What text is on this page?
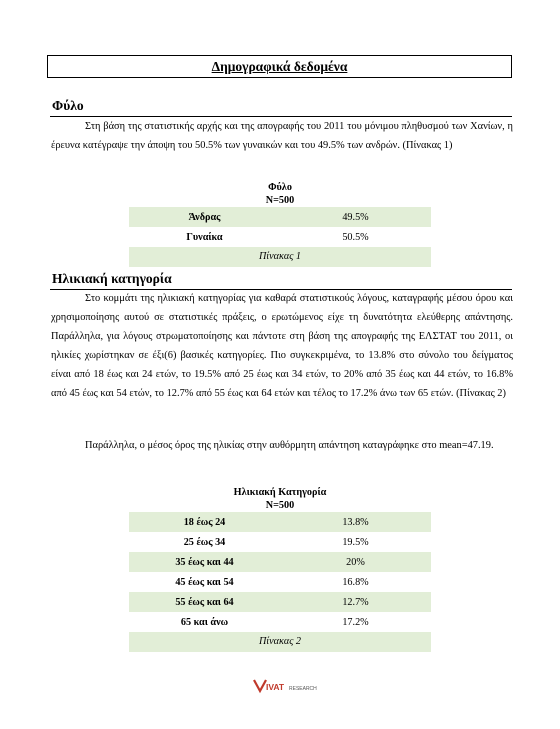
Δημογραφικά δεδομένα
Φύλο
Στη βάση της στατιστικής αρχής και της απογραφής του 2011 του μόνιμου πληθυσμού των Χανίων, η έρευνα κατέγραψε την άποψη του 50.5% των γυναικών και του 49.5% των ανδρών. (Πίνακας 1)
Φύλο
N=500
Άνδρας	49.5%
Γυναίκα	50.5%
Πίνακας 1
Ηλικιακή κατηγορία
Στο κομμάτι της ηλικιακή κατηγορίας για καθαρά στατιστικούς λόγους, καταγραφής μέσου όρου και χρησιμοποίησης αυτού σε στατιστικές πράξεις, ο ερωτώμενος είχε τη δυνατότητα ελεύθερης απάντησης. Παράλληλα, για λόγους στρωματοποίησης και πάντοτε στη βάση της απογραφής της ΕΛΣΤΑΤ του 2011, οι ηλικίες χωρίστηκαν σε έξι(6) βασικές κατηγορίες. Πιο συγκεκριμένα, το 13.8% στο σύνολο του δείγματος είναι από 18 έως και 24 ετών, το 19.5% από 25 έως και 34 ετών, το 20% από 35 έως και 44 ετών, το 16.8% από 45 έως και 54 ετών, το 12.7% από 55 έως και 64 ετών και τέλος το 17.2% άνω των 65 ετών. (Πίνακας 2)
Παράλληλα, ο μέσος όρος της ηλικίας στην αυθόρμητη απάντηση καταγράφηκε στο mean=47.19.
Ηλικιακή Κατηγορία
N=500
18 έως 24	13.8%
25 έως 34	19.5%
35 έως και 44	20%
45 έως και 54	16.8%
55 έως και 64	12.7%
65 και άνω	17.2%
Πίνακας 2
IVAT RESEARCH
